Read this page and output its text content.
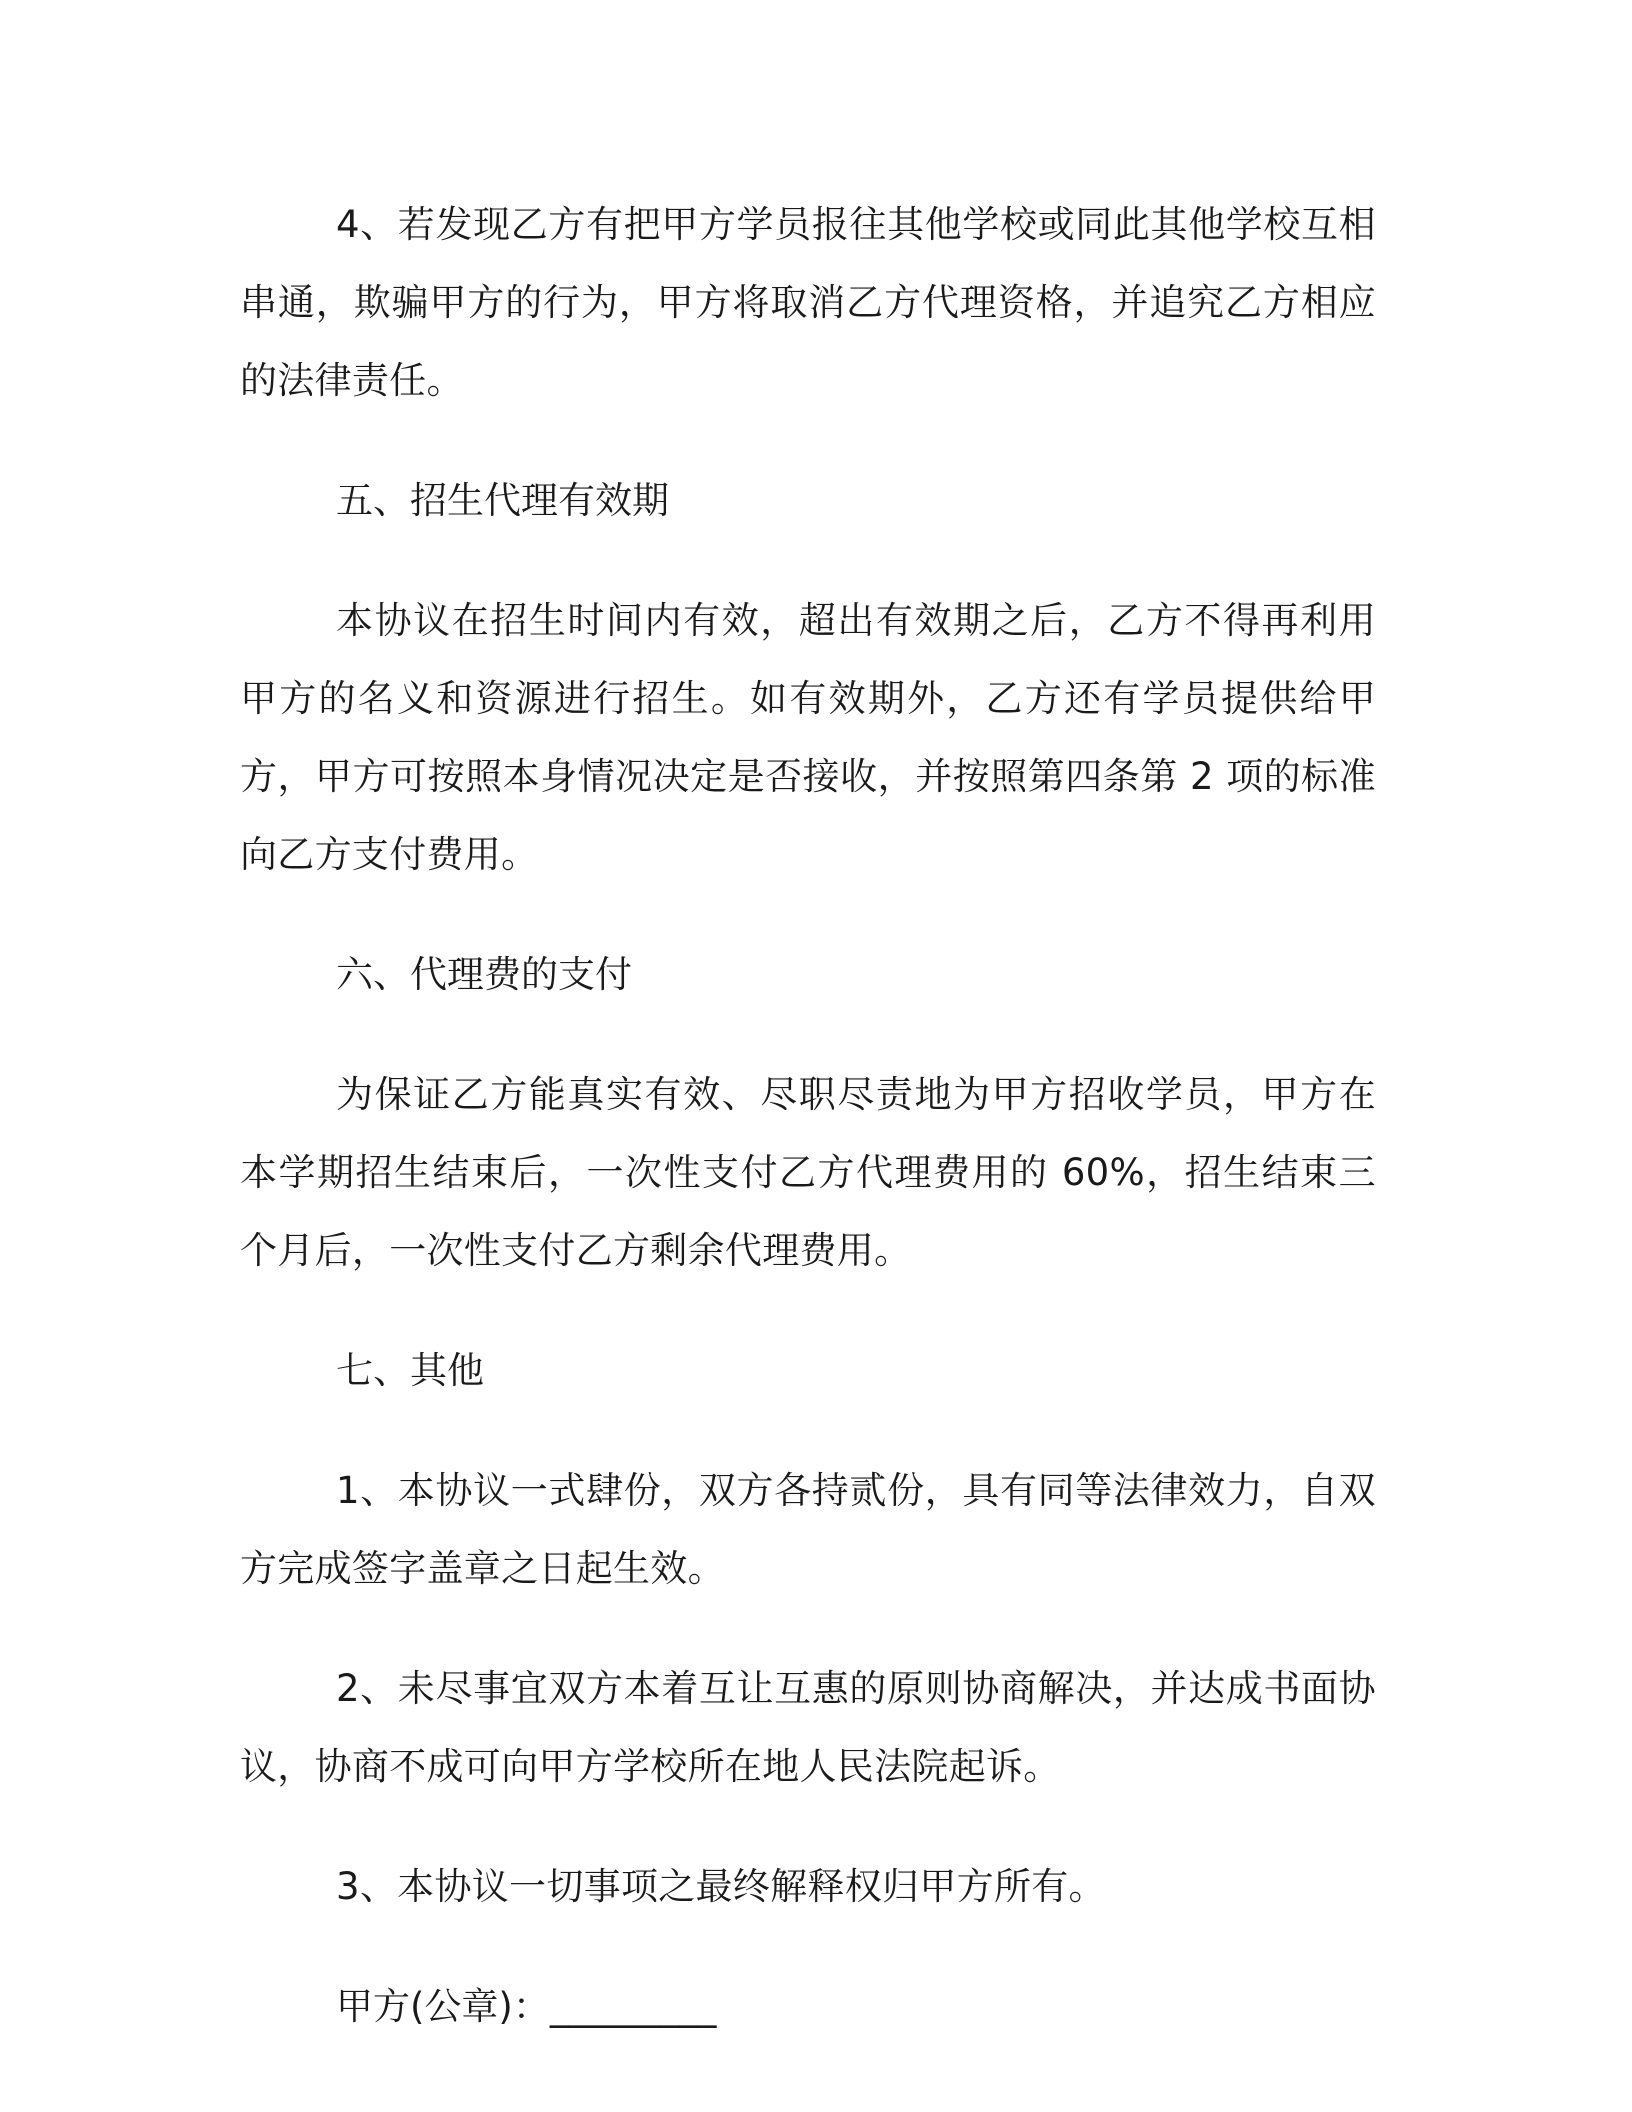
4、若发现乙方有把甲方学员报往其他学校或同此其他学校互相串通，欺骗甲方的行为，甲方将取消乙方代理资格，并追究乙方相应的法律责任。

五、招生代理有效期

本协议在招生时间内有效，超出有效期之后，乙方不得再利用甲方的名义和资源进行招生。如有效期外，乙方还有学员提供给甲方，甲方可按照本身情况决定是否接收，并按照第四条第 2 项的标准向乙方支付费用。

六、代理费的支付

为保证乙方能真实有效、尽职尽责地为甲方招收学员，甲方在本学期招生结束后，一次性支付乙方代理费用的 60%，招生结束三个月后，一次性支付乙方剩余代理费用。

七、其他

1、本协议一式肆份，双方各持贰份，具有同等法律效力，自双方完成签字盖章之日起生效。

2、未尽事宜双方本着互让互惠的原则协商解决，并达成书面协议，协商不成可向甲方学校所在地人民法院起诉。

3、本协议一切事项之最终解释权归甲方所有。

甲方(公章)：_________
